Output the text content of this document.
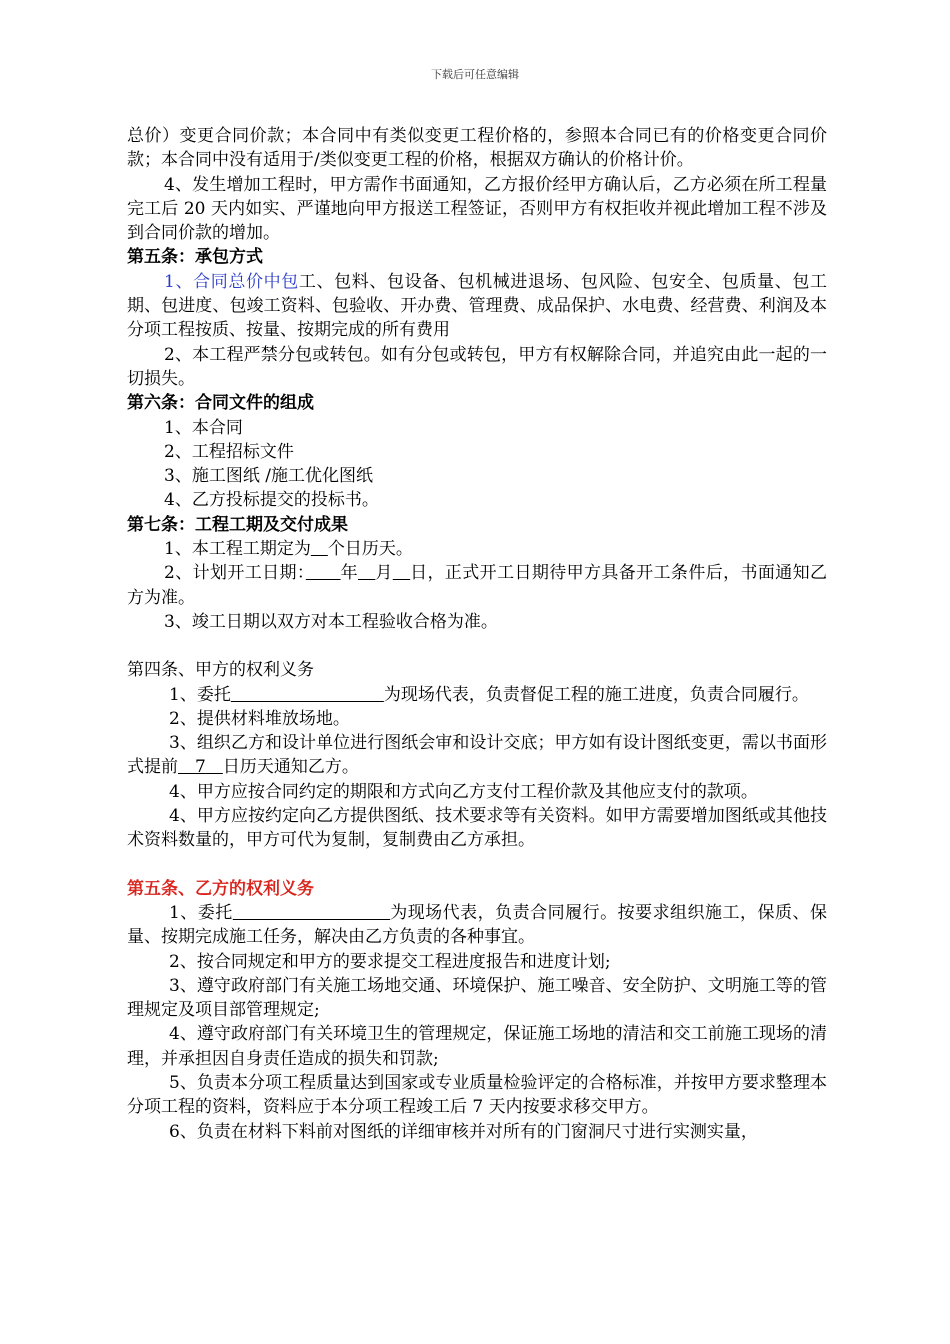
下载后可任意编辑

总价）变更合同价款；本合同中有类似变更工程价格的，参照本合同已有的价格变更合同价款；本合同中没有适用于/类似变更工程的价格，根据双方确认的价格计价。

4、发生增加工程时，甲方需作书面通知，乙方报价经甲方确认后，乙方必须在所工程量完工后 20 天内如实、严谨地向甲方报送工程签证，否则甲方有权拒收并视此增加工程不涉及到合同价款的增加。

第五条：承包方式

1、合同总价中包工、包料、包设备、包机械进退场、包风险、包安全、包质量、包工期、包进度、包竣工资料、包验收、开办费、管理费、成品保护、水电费、经营费、利润及本分项工程按质、按量、按期完成的所有费用

2、本工程严禁分包或转包。如有分包或转包，甲方有权解除合同，并追究由此一起的一切损失。

第六条：合同文件的组成

1、本合同

2、工程招标文件

3、施工图纸 /施工优化图纸

4、乙方投标提交的投标书。

第七条：工程工期及交付成果

1、本工程工期定为　 个日历天。

2、计划开工日期：　　 年　 月　 日，正式开工日期待甲方具备开工条件后，书面通知乙方为准。

3、竣工日期以双方对本工程验收合格为准。

第四条、甲方的权利义务

1、委托　　　　　　　　　	为现场代表，负责督促工程的施工进度，负责合同履行。

2、提供材料堆放场地。

3、组织乙方和设计单位进行图纸会审和设计交底；甲方如有设计图纸变更，需以书面形式提前　 7　 日历天通知乙方。

4、甲方应按合同约定的期限和方式向乙方支付工程价款及其他应支付的款项。

4、甲方应按约定向乙方提供图纸、技术要求等有关资料。如甲方需要增加图纸或其他技术资料数量的，甲方可代为复制，复制费由乙方承担。

第五条、乙方的权利义务

1、委托　　　　　　　　　	为现场代表，负责合同履行。按要求组织施工，保质、保量、按期完成施工任务，解决由乙方负责的各种事宜。

2、按合同规定和甲方的要求提交工程进度报告和进度计划;

3、遵守政府部门有关施工场地交通、环境保护、施工噪音、安全防护、文明施工等的管理规定及项目部管理规定;

4、遵守政府部门有关环境卫生的管理规定，保证施工场地的清洁和交工前施工现场的清理，并承担因自身责任造成的损失和罚款;

5、负责本分项工程质量达到国家或专业质量检验评定的合格标准，并按甲方要求整理本分项工程的资料，资料应于本分项工程竣工后 7 天内按要求移交甲方。

6、负责在材料下料前对图纸的详细审核并对所有的门窗洞尺寸进行实测实量，
